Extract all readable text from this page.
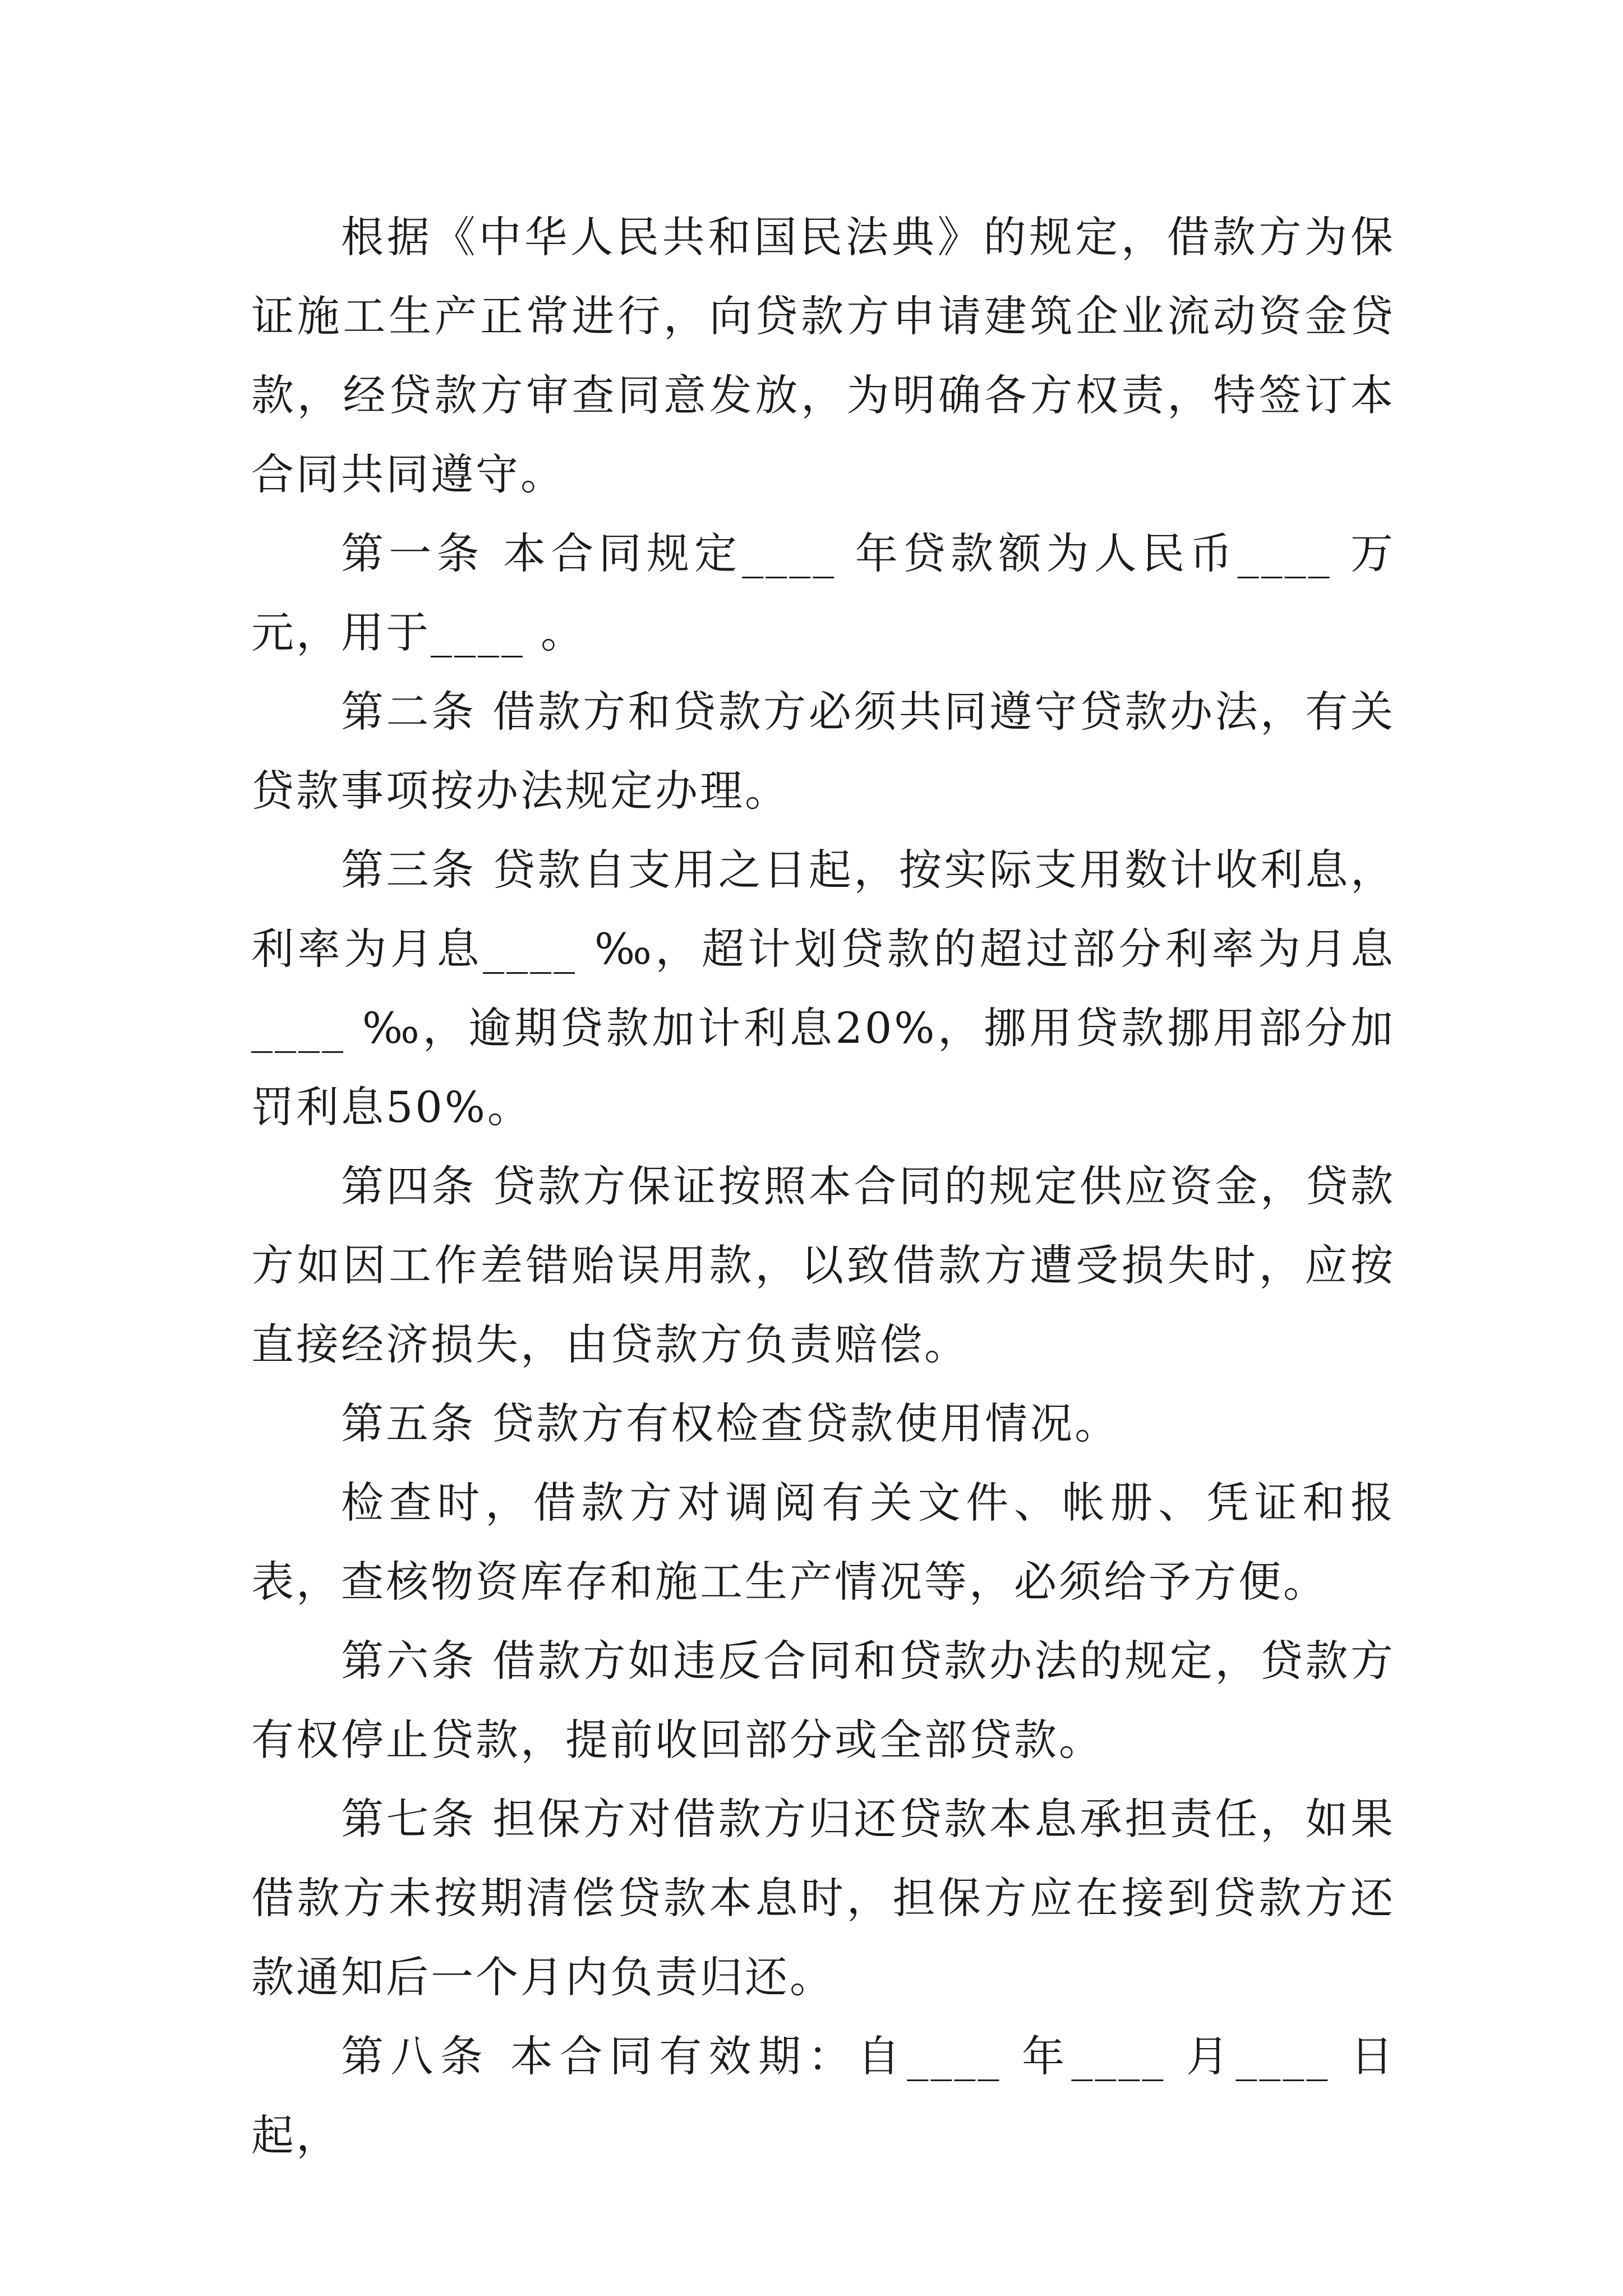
根据《中华人民共和国民法典》的规定，借款方为保证施工生产正常进行，向贷款方申请建筑企业流动资金贷款，经贷款方审查同意发放，为明确各方权责，特签订本合同共同遵守。

第一条 本合同规定____ 年贷款额为人民币____ 万元，用于____ 。

第二条 借款方和贷款方必须共同遵守贷款办法，有关贷款事项按办法规定办理。

第三条 贷款自支用之日起，按实际支用数计收利息，利率为月息____ ‰，超计划贷款的超过部分利率为月息____ ‰，逾期贷款加计利息20%，挪用贷款挪用部分加罚利息50%。

第四条 贷款方保证按照本合同的规定供应资金，贷款方如因工作差错贻误用款，以致借款方遭受损失时，应按直接经济损失，由贷款方负责赔偿。

第五条 贷款方有权检查贷款使用情况。

检查时，借款方对调阅有关文件、帐册、凭证和报表，查核物资库存和施工生产情况等，必须给予方便。

第六条 借款方如违反合同和贷款办法的规定，贷款方有权停止贷款，提前收回部分或全部贷款。

第七条 担保方对借款方归还贷款本息承担责任，如果借款方未按期清偿贷款本息时，担保方应在接到贷款方还款通知后一个月内负责归还。

第八条 本合同有效期：自____ 年____ 月____ 日起，
